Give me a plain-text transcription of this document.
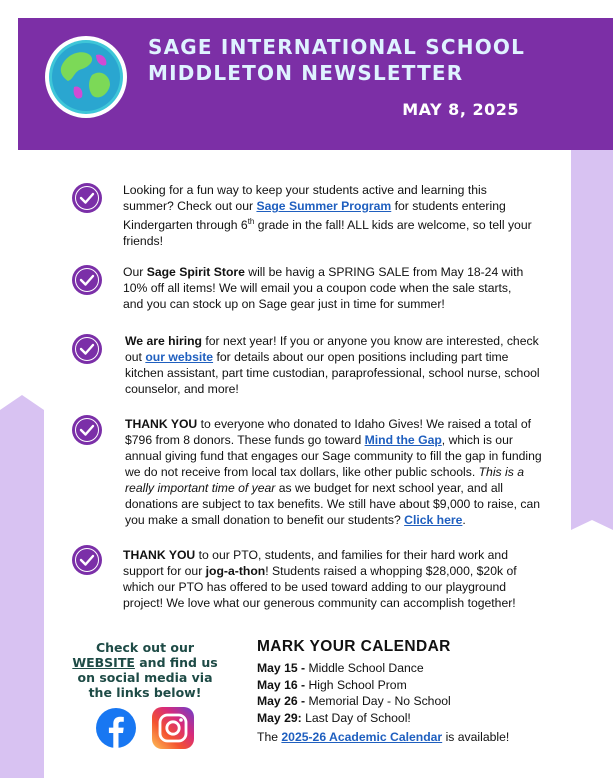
SAGE INTERNATIONAL SCHOOL
MIDDLETON NEWSLETTER
MAY 8, 2025
Looking for a fun way to keep your students active and learning this summer? Check out our Sage Summer Program for students entering Kindergarten through 6th grade in the fall! ALL kids are welcome, so tell your friends!
Our Sage Spirit Store will be havig a SPRING SALE from May 18-24 with 10% off all items! We will email you a coupon code when the sale starts, and you can stock up on Sage gear just in time for summer!
We are hiring for next year! If you or anyone you know are interested, check out our website for details about our open positions including part time kitchen assistant, part time custodian, paraprofessional, school nurse, school counselor, and more!
THANK YOU to everyone who donated to Idaho Gives! We raised a total of $796 from 8 donors. These funds go toward Mind the Gap, which is our annual giving fund that engages our Sage community to fill the gap in funding we do not receive from local tax dollars, like other public schools. This is a really important time of year as we budget for next school year, and all donations are subject to tax benefits. We still have about $9,000 to raise, can you make a small donation to benefit our students? Click here.
THANK YOU to our PTO, students, and families for their hard work and support for our jog-a-thon! Students raised a whopping $28,000, $20k of which our PTO has offered to be used toward adding to our playground project! We love what our generous community can accomplish together!
Check out our
WEBSITE and find us on social media via the links below!
MARK YOUR CALENDAR
May 15 - Middle School Dance
May 16 - High School Prom
May 26 - Memorial Day - No School
May 29: Last Day of School!
The 2025-26 Academic Calendar is available!
